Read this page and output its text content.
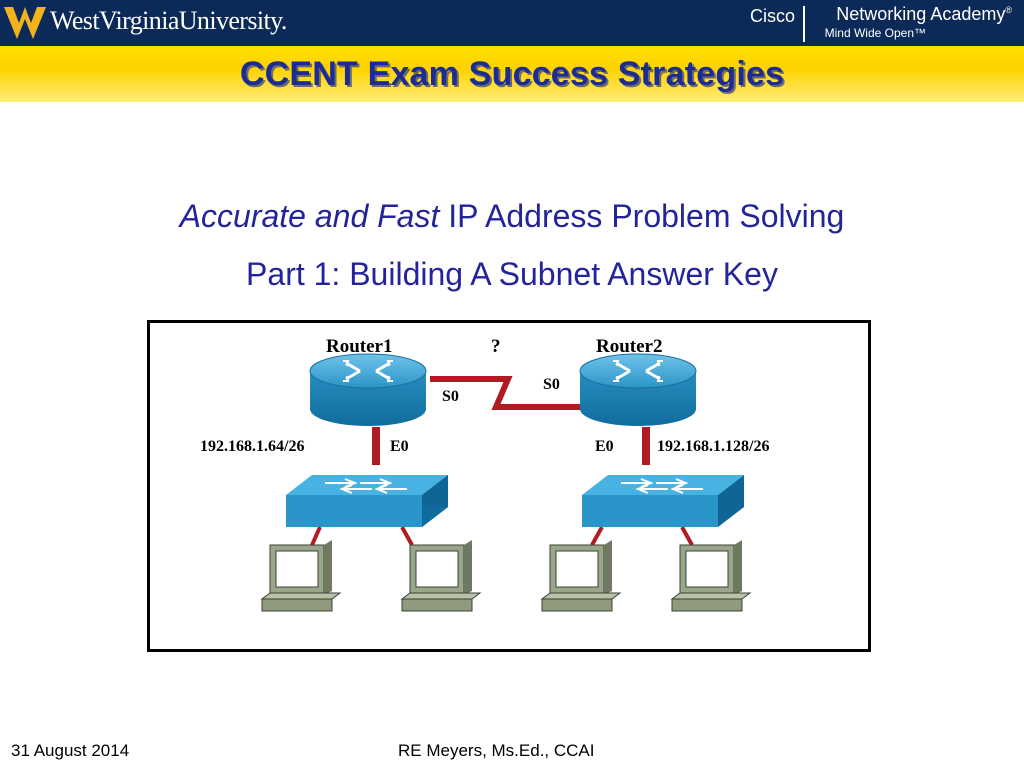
WestVirginiaUniversity.	Cisco Networking Academy®
Mind Wide Open™
CCENT Exam Success Strategies
Accurate and Fast IP Address Problem Solving
Part 1: Building A Subnet Answer Key
Router1	?	Router2
S0
S0
192.168.1.64/26	E0	E0	192.168.1.128/26
31 August 2014	RE Meyers, Ms.Ed., CCAI
